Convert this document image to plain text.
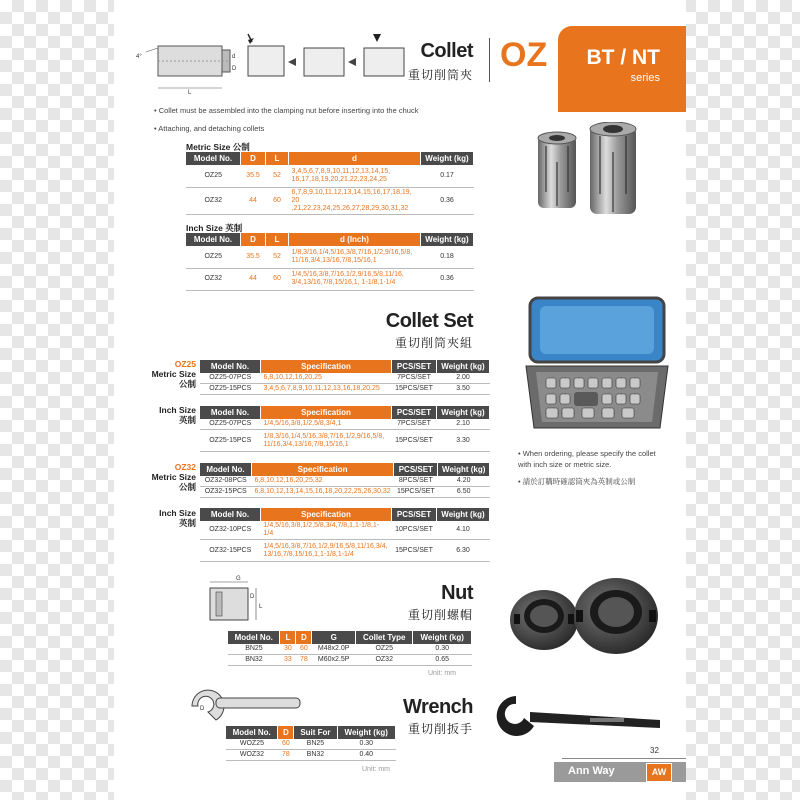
BT / NT
series
OZ
Collet
重切削筒夾
4°	d
D
L
• Collet must be assembled into the clamping nut before inserting into the chuck
• Attaching, and detaching collets
Metric Size 公制
Model No.	D	L	d	Weight (kg)
OZ25	35.5	52	3,4,5,6,7,8,9,10,11,12,13,14,15, 16,17,18,19,20,21,22,23,24,25	0.17
OZ32	44	60	6,7,8,9,10,11,12,13,14,15,16,17,18,19, 20 ,21,22,23,24,25,26,27,28,29,30,31,32	0.36
Inch Size 英制
Model No.	D	L	d (Inch)	Weight (kg)
OZ25	35.5	52	1/8,3/16,1/4,5/16,3/8,7/16,1/2,9/16,5/8, 11/16,3/4,13/16,7/8,15/16,1	0.18
OZ32	44	60	1/4,5/16,3/8,7/16,1/2,9/16,5/8,11/16, 3/4,13/16,7/8,15/16,1, 1-1/8,1-1/4	0.36
Collet Set
重切削筒夾組
• When ordering, please specify the collet with inch size or metric size.
• 請於訂購時確認筒夾為英制或公制
OZ25
Metric Size
公制
Model No.	Specification	PCS/SET	Weight (kg)
OZ25-07PCS	6,8,10,12,16,20,25	7PCS/SET	2.00
OZ25-15PCS	3,4,5,6,7,8,9,10,11,12,13,16,18,20,25	15PCS/SET	3.50
Inch Size
英制
Model No.	Specification	PCS/SET	Weight (kg)
OZ25-07PCS	1/4,5/16,3/8,1/2,5/8,3/4,1	7PCS/SET	2.10
OZ25-15PCS	1/8,3/16,1/4,5/16,3/8,7/16,1/2,9/16,5/8, 11/16,3/4,13/16,7/8,15/16,1	15PCS/SET	3.30
OZ32
Metric Size
公制
Model No.	Specification	PCS/SET	Weight (kg)
OZ32-08PCS	6,8,10,12,16,20,25,32	8PCS/SET	4.20
OZ32-15PCS	6,8,10,12,13,14,15,16,18,20,22,25,26,30,32	15PCS/SET	6.50
Inch Size
英制
Model No.	Specification	PCS/SET	Weight (kg)
OZ32-10PCS	1/4,5/16,3/8,1/2,5/8,3/4,7/8,1,1-1/8,1-1/4	10PCS/SET	4.10
OZ32-15PCS	1/4,5/16,3/8,7/16,1/2,9/16,5/8,11/16,3/4, 13/16,7/8,15/16,1,1-1/8,1-1/4	15PCS/SET	6.30
G
D
L
Nut
重切削螺帽
Model No.	L	D	G	Collet Type	Weight (kg)
BN25	30	60	M48x2.0P	OZ25	0.30
BN32	33	78	M60x2.5P	OZ32	0.65
Unit: mm
D	Wrench
重切削扳手
Model No.	D	Suit For	Weight (kg)
WOZ25	60	BN25	0.30
WOZ32	78	BN32	0.40
Unit: mm
32
Ann Way	AW
